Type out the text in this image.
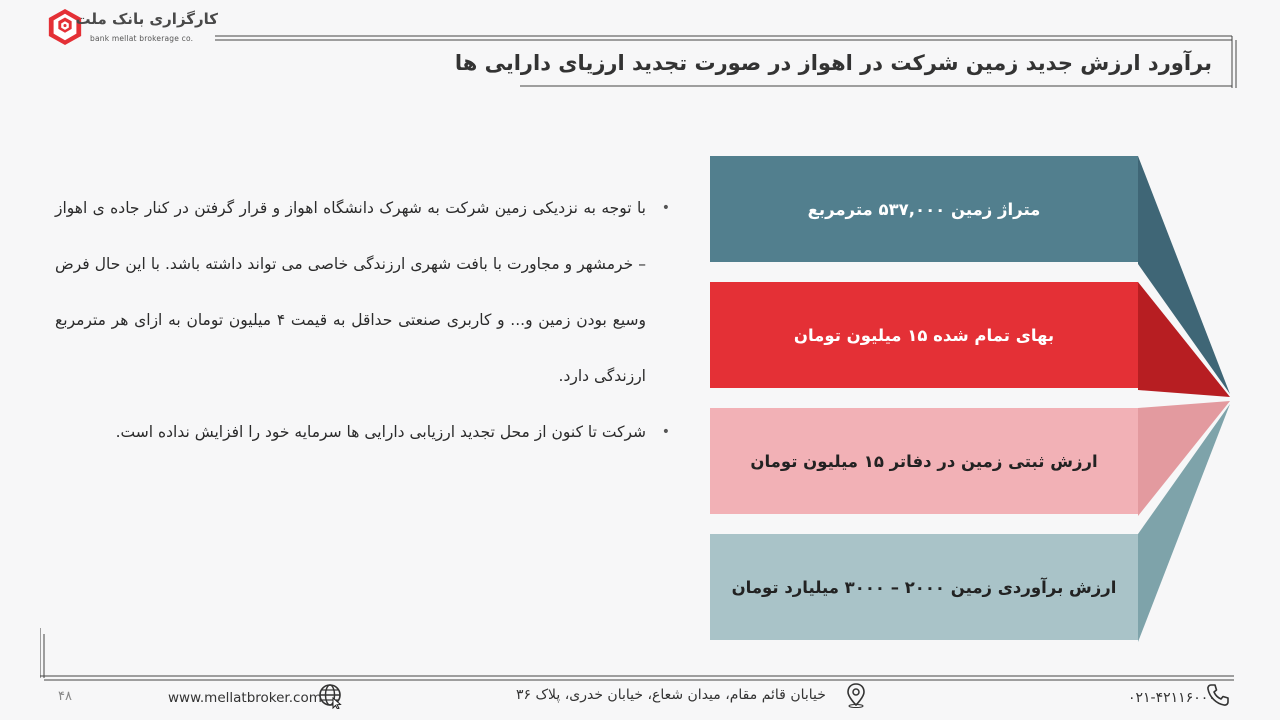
کارگزاری بانک ملت
bank mellat brokerage co.
برآورد ارزش جدید زمین شرکت در اهواز در صورت تجدید ارزیای دارایی ها

•
با توجه به نزدیکی زمین شرکت به شهرک دانشگاه اهواز و قرار گرفتن در کنار جاده ی اهواز – خرمشهر و مجاورت با بافت شهری ارزندگی خاصی می تواند داشته باشد. با این حال فرض وسیع بودن زمین و... و کاربری صنعتی حداقل به قیمت ۴ میلیون تومان به ازای هر مترمربع ارزندگی دارد.

•
شرکت تا کنون از محل تجدید ارزیابی دارایی ها سرمایه خود را افزایش نداده است.

متراژ زمین ۵۳۷,۰۰۰ مترمربع
بهای تمام شده ۱۵ میلیون تومان
ارزش ثبتی زمین در دفاتر ۱۵ میلیون تومان
ارزش برآوردی زمین ۲۰۰۰ – ۳۰۰۰ میلیارد تومان
۴۸	www.mellatbroker.com	خیابان قائم مقام، میدان شعاع، خیابان خدری، پلاک ۳۶	۰۲۱-۴۲۱۱۶۰۰۰
